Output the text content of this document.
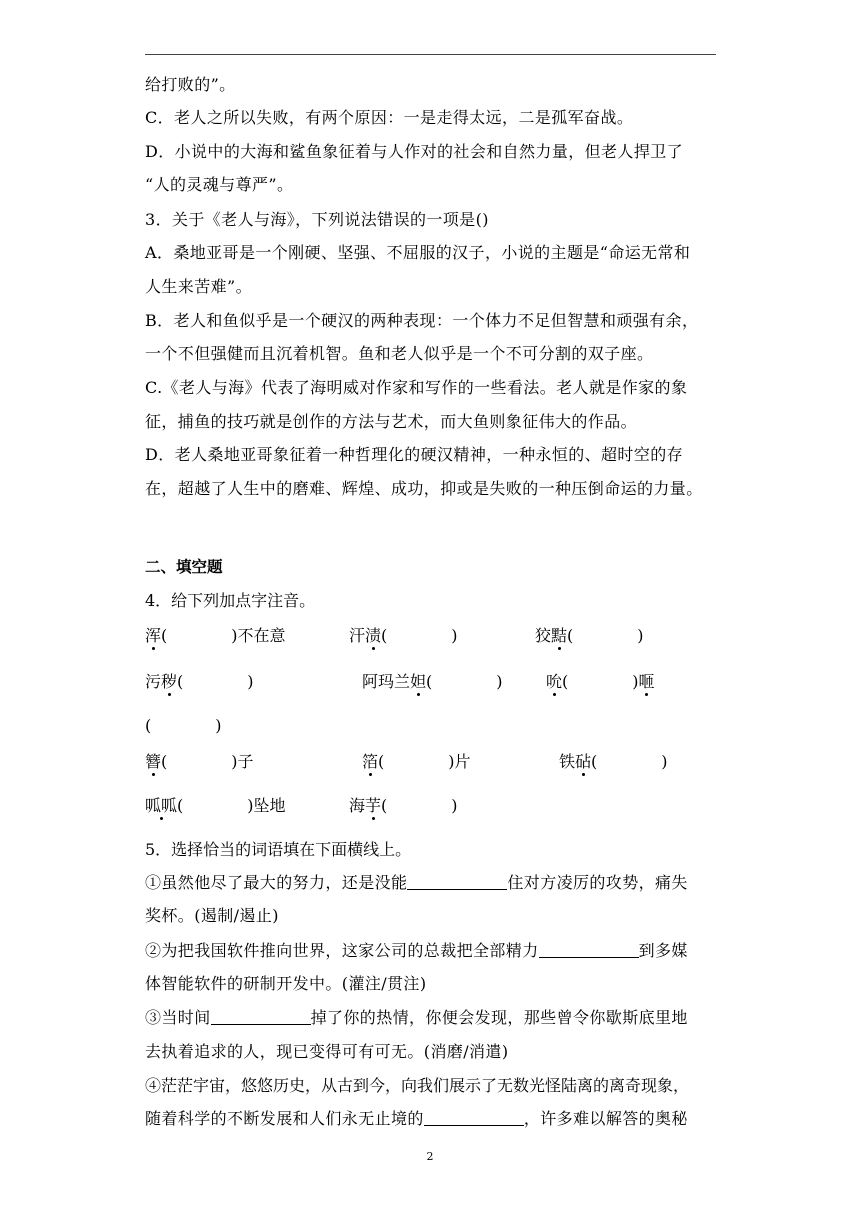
给打败的”。
C．老人之所以失败，有两个原因：一是走得太远，二是孤军奋战。
D．小说中的大海和鲨鱼象征着与人作对的社会和自然力量，但老人捍卫了
“人的灵魂与尊严”。
3．关于《老人与海》，下列说法错误的一项是()
A．桑地亚哥是一个刚硬、坚强、不屈服的汉子，小说的主题是“命运无常和
人生来苦难”。
B．老人和鱼似乎是一个硬汉的两种表现：一个体力不足但智慧和顽强有余，
一个不但强健而且沉着机智。鱼和老人似乎是一个不可分割的双子座。
C.《老人与海》代表了海明威对作家和写作的一些看法。老人就是作家的象
征，捕鱼的技巧就是创作的方法与艺术，而大鱼则象征伟大的作品。
D．老人桑地亚哥象征着一种哲理化的硬汉精神，一种永恒的、超时空的存
在，超越了人生中的磨难、辉煌、成功，抑或是失败的一种压倒命运的力量。
二、填空题
4．给下列加点字注音。
浑(　　　　)不在意	汗渍(　　　　)	狡黠(　　　　)
污秽(　　　　)	阿玛兰妲(　　　　)	吮(　　　　)咂
(　　　　)
簪(　　　　)子	箔(　　　　)片	铁砧(　　　　)
呱呱(　　　　)坠地	海芋(　　　　)
5．选择恰当的词语填在下面横线上。
①虽然他尽了最大的努力，还是没能	住对方凌厉的攻势，痛失
奖杯。(遏制/遏止)
②为把我国软件推向世界，这家公司的总裁把全部精力	到多媒
体智能软件的研制开发中。(灌注/贯注)
③当时间	掉了你的热情，你便会发现，那些曾令你歇斯底里地
去执着追求的人，现已变得可有可无。(消磨/消遣)
④茫茫宇宙，悠悠历史，从古到今，向我们展示了无数光怪陆离的离奇现象，
随着科学的不断发展和人们永无止境的	，许多难以解答的奥秘
2
